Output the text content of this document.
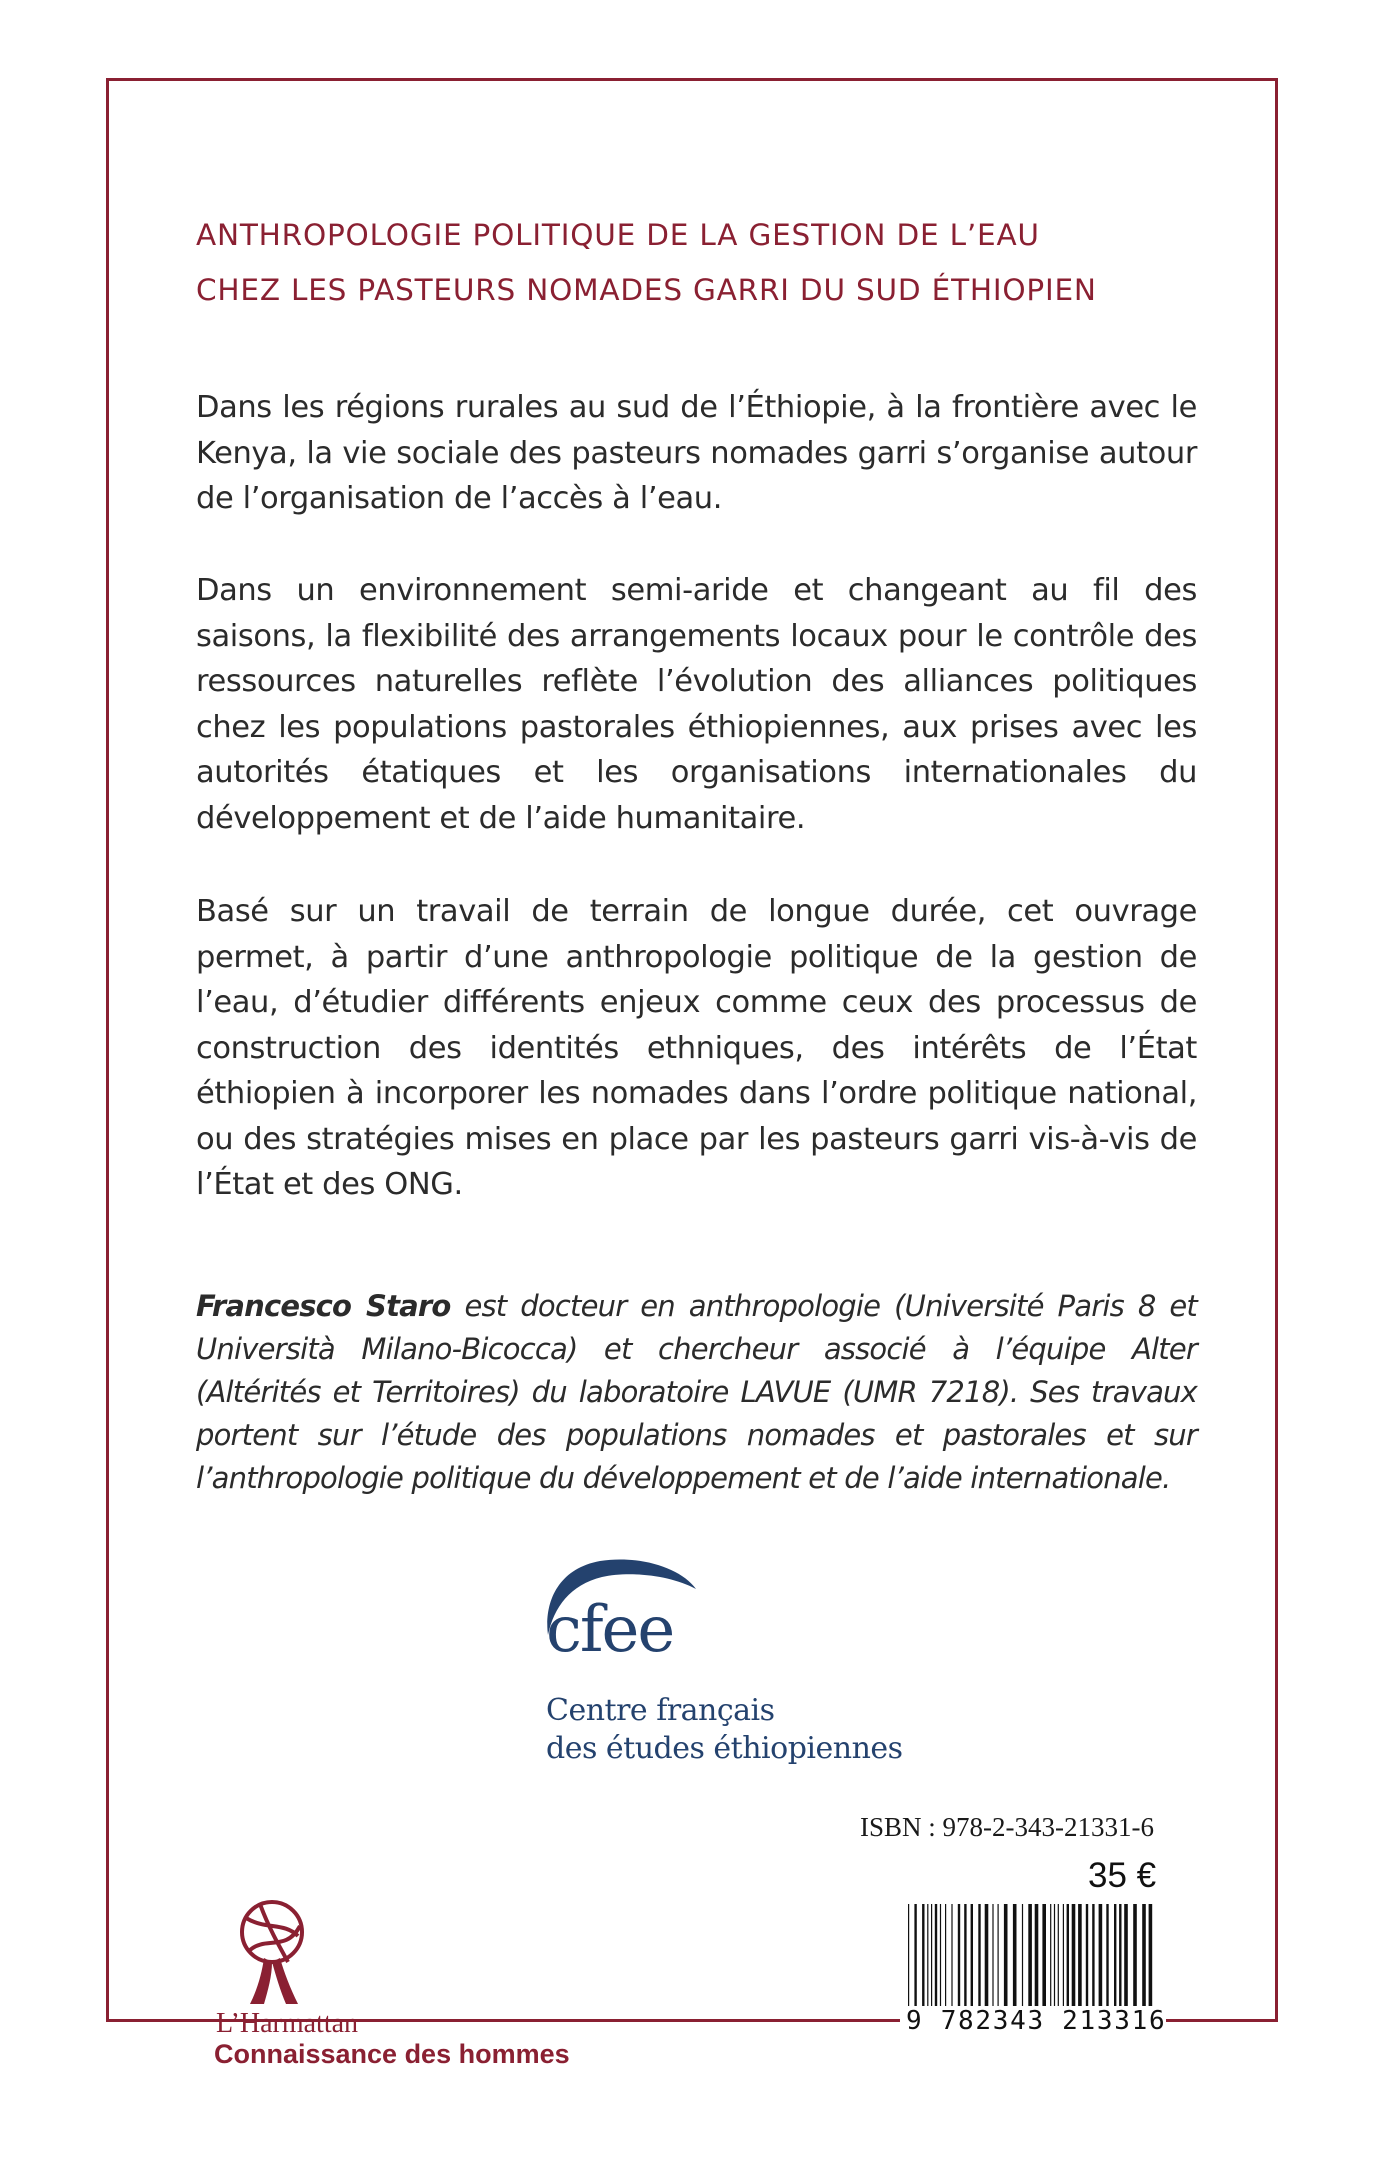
ANTHROPOLOGIE POLITIQUE DE LA GESTION DE L’EAU
CHEZ LES PASTEURS NOMADES GARRI DU SUD ÉTHIOPIEN

Dans les régions rurales au sud de l’Éthiopie, à la frontière avec le Kenya, la vie sociale des pasteurs nomades garri s’organise autour de l’organisation de l’accès à l’eau.

Dans un environnement semi-aride et changeant au fil des saisons, la flexibilité des arrangements locaux pour le contrôle des ressources naturelles reflète l’évolution des alliances politiques chez les populations pastorales éthiopiennes, aux prises avec les autorités étatiques et les organisations internationales du développement et de l’aide humanitaire.

Basé sur un travail de terrain de longue durée, cet ouvrage permet, à partir d’une anthropologie politique de la gestion de l’eau, d’étudier différents enjeux comme ceux des processus de construction des identités ethniques, des intérêts de l’État éthiopien à incorporer les nomades dans l’ordre politique national, ou des stratégies mises en place par les pasteurs garri vis-à-vis de l’État et des ONG.

Francesco Staro est docteur en anthropologie (Université Paris 8 et Università Milano-Bicocca) et chercheur associé à l’équipe Alter (Altérités et Territoires) du laboratoire LAVUE (UMR 7218). Ses travaux portent sur l’étude des populations nomades et pastorales et sur l’anthropologie politique du développement et de l’aide internationale.

cfee

Centre français
des études éthiopiennes

ISBN : 978-2-343-21331-6

35 €

9 782343 213316

L’Harmattan

Connaissance des hommes
